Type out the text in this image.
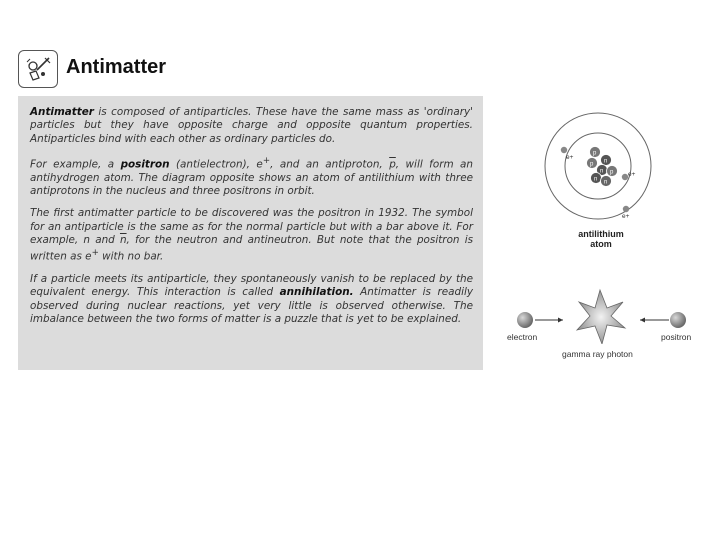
Antimatter

Antimatter is composed of antiparticles. These have the same mass as 'ordinary' particles but they have opposite charge and opposite quantum properties. Antiparticles bind with each other as ordinary particles do.

For example, a positron (antielectron), e+, and an antiproton, $\overline{p}$, will form an antihydrogen atom. The diagram opposite shows an atom of antilithium with three antiprotons in the nucleus and three positrons in orbit.

The first antimatter particle to be discovered was the positron in 1932. The symbol for an antiparticle is the same as for the normal particle but with a bar above it. For example, n and $\overline{n}$, for the neutron and antineutron. But note that the positron is written as e+ with no bar.

If a particle meets its antiparticle, they spontaneously vanish to be replaced by the equivalent energy. This interaction is called annihilation. Antimatter is readily observed during nuclear reactions, yet very little is observed otherwise. The imbalance between the two forms of matter is a puzzle that is yet to be explained.

e+
e+
e+
p
n
p
n p
n n
antilithium
atom
electron	positron
gamma ray photon
